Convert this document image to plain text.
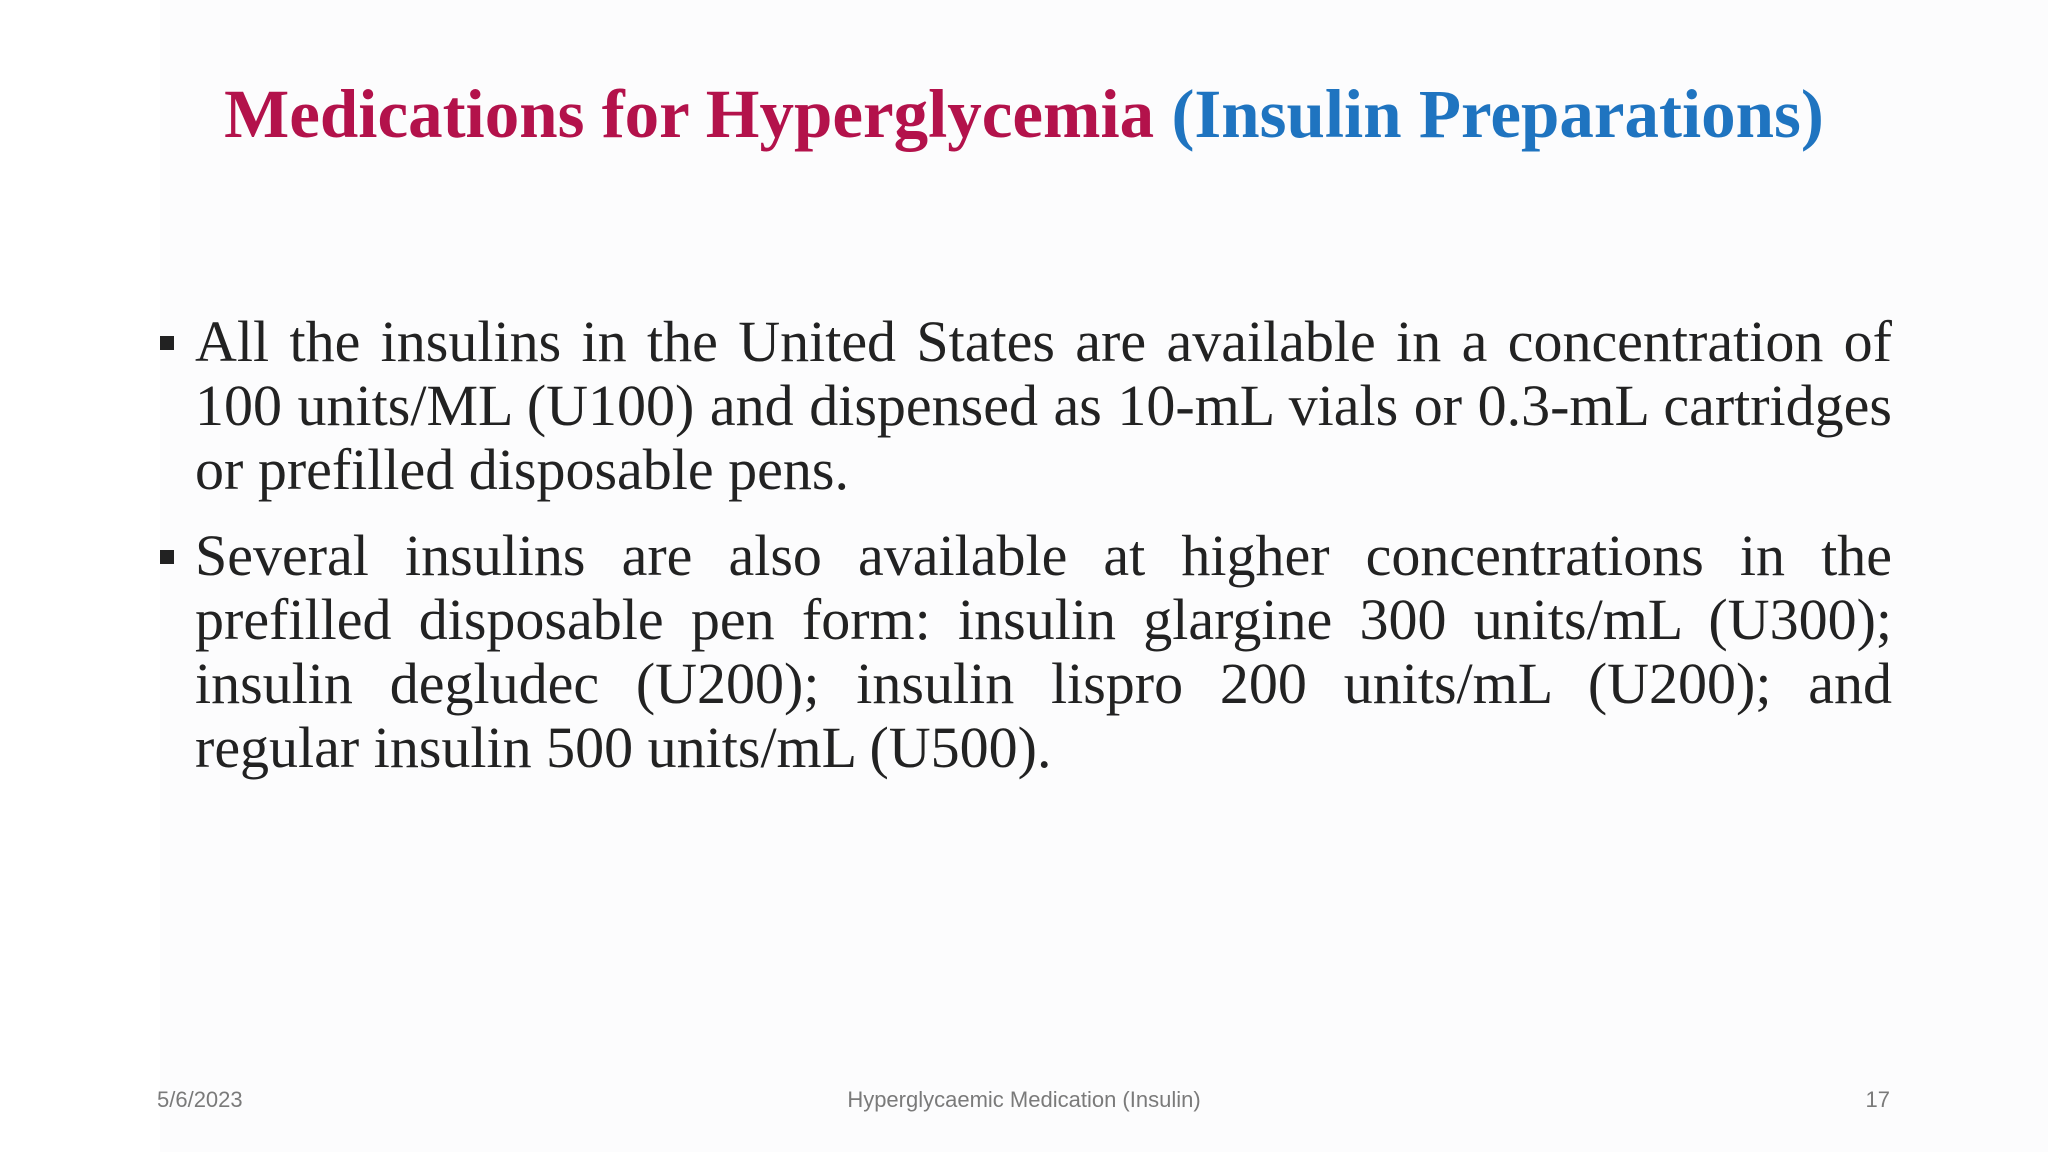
Medications for Hyperglycemia (Insulin Preparations)
All the insulins in the United States are available in a concentration of 100 units/ML (U100) and dispensed as 10-mL vials or 0.3-mL cartridges or prefilled disposable pens.
Several insulins are also available at higher concentrations in the prefilled disposable pen form: insulin glargine 300 units/mL (U300); insulin degludec (U200); insulin lispro 200 units/mL (U200); and regular insulin 500 units/mL (U500).
5/6/2023	Hyperglycaemic Medication (Insulin)	17
